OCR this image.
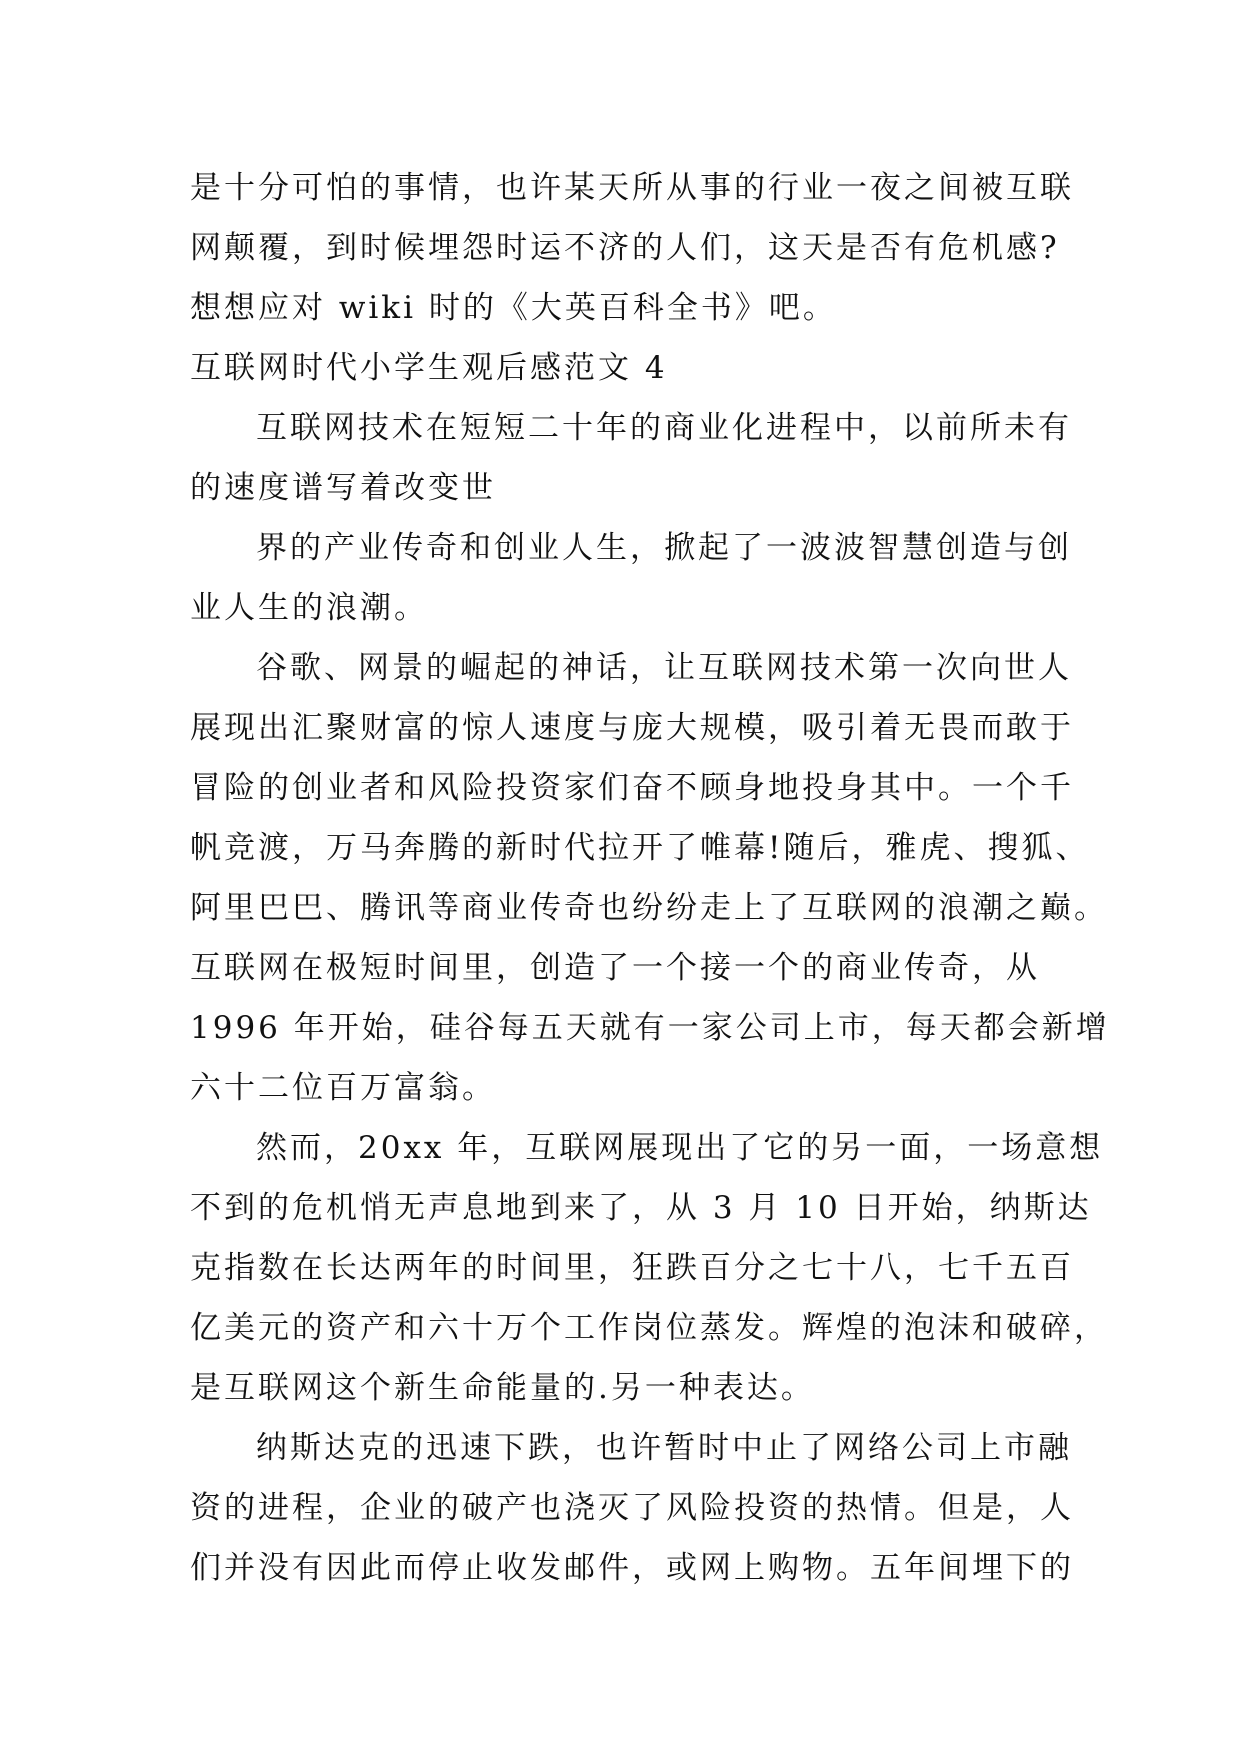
是十分可怕的事情，也许某天所从事的行业一夜之间被互联
网颠覆，到时候埋怨时运不济的人们，这天是否有危机感?
想想应对 wiki 时的《大英百科全书》吧。
互联网时代小学生观后感范文 4
互联网技术在短短二十年的商业化进程中，以前所未有
的速度谱写着改变世
界的产业传奇和创业人生，掀起了一波波智慧创造与创
业人生的浪潮。
谷歌、网景的崛起的神话，让互联网技术第一次向世人
展现出汇聚财富的惊人速度与庞大规模，吸引着无畏而敢于
冒险的创业者和风险投资家们奋不顾身地投身其中。一个千
帆竞渡，万马奔腾的新时代拉开了帷幕!随后，雅虎、搜狐、
阿里巴巴、腾讯等商业传奇也纷纷走上了互联网的浪潮之巅。
互联网在极短时间里，创造了一个接一个的商业传奇，从
1996 年开始，硅谷每五天就有一家公司上市，每天都会新增
六十二位百万富翁。
然而，20xx 年，互联网展现出了它的另一面，一场意想
不到的危机悄无声息地到来了，从 3 月 10 日开始，纳斯达
克指数在长达两年的时间里，狂跌百分之七十八，七千五百
亿美元的资产和六十万个工作岗位蒸发。辉煌的泡沫和破碎，
是互联网这个新生命能量的.另一种表达。
纳斯达克的迅速下跌，也许暂时中止了网络公司上市融
资的进程，企业的破产也浇灭了风险投资的热情。但是，人
们并没有因此而停止收发邮件，或网上购物。五年间埋下的
